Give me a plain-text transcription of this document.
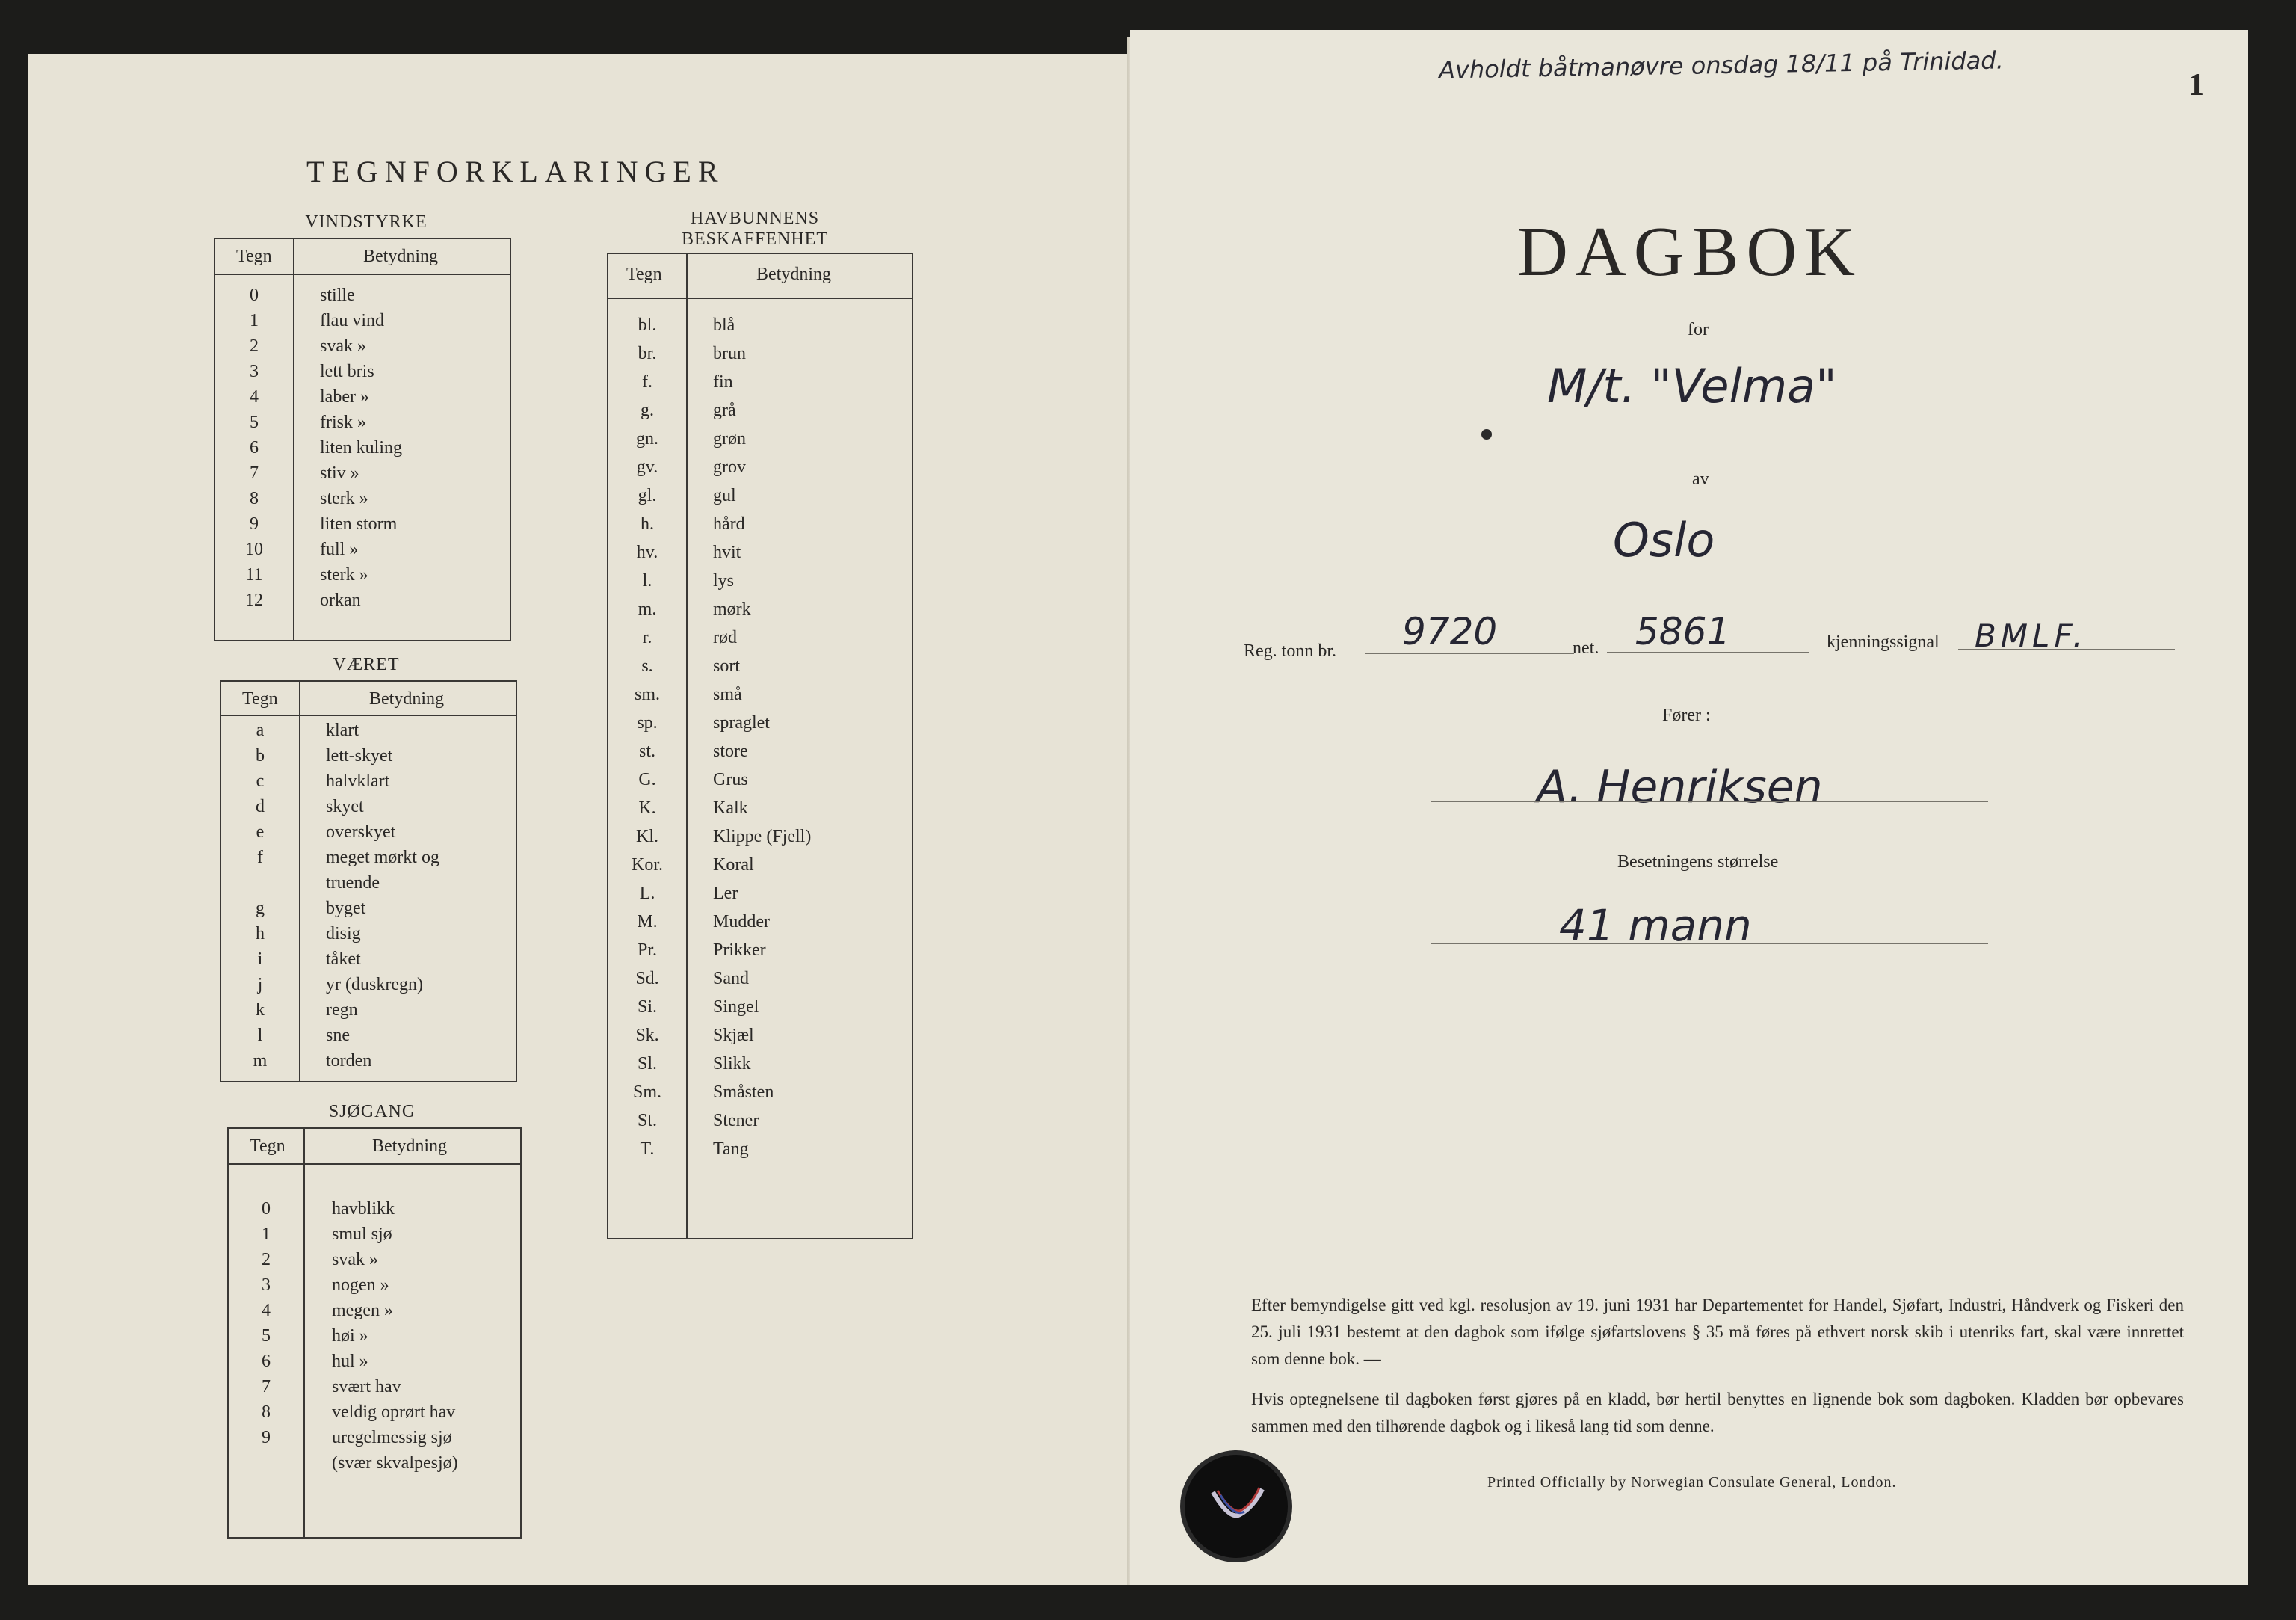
TEGNFORKLARINGER
VINDSTYRKE
Tegn	Betydning
0	stille
1	flau vind
2	svak »
3	lett bris
4	laber »
5	frisk »
6	liten kuling
7	stiv »
8	sterk »
9	liten storm
10	full »
11	sterk »
12	orkan
VÆRET
Tegn	Betydning
a	klart
b	lett-skyet
c	halvklart
d	skyet
e	overskyet
f	meget mørkt og
truende
g	byget
h	disig
i	tåket
j	yr (duskregn)
k	regn
l	sne
m	torden
SJØGANG
Tegn	Betydning
0	havblikk
1	smul sjø
2	svak »
3	nogen »
4	megen »
5	høi »
6	hul »
7	svært hav
8	veldig oprørt hav
9	uregelmessig sjø
(svær skvalpesjø)
HAVBUNNENS
BESKAFFENHET
Tegn	Betydning
bl.	blå
br.	brun
f.	fin
g.	grå
gn.	grøn
gv.	grov
gl.	gul
h.	hård
hv.	hvit
l.	lys
m.	mørk
r.	rød
s.	sort
sm.	små
sp.	spraglet
st.	store
G.	Grus
K.	Kalk
Kl.	Klippe (Fjell)
Kor.	Koral
L.	Ler
M.	Mudder
Pr.	Prikker
Sd.	Sand
Si.	Singel
Sk.	Skjæl
Sl.	Slikk
Sm.	Småsten
St.	Stener
T.	Tang
Avholdt båtmanøvre onsdag 18/11 på Trinidad.
1
DAGBOK
for
M/t. "Velma"
av
Oslo
Reg. tonn br. 9720	net. 5861	kjenningssignal BMLF.
Fører :
A. Henriksen
Besetningens størrelse
41 mann
Efter bemyndigelse gitt ved kgl. resolusjon av 19. juni 1931 har Departementet for Handel, Sjøfart, Industri, Håndverk og Fiskeri den 25. juli 1931 bestemt at den dagbok som ifølge sjøfartslovens § 35 må føres på ethvert norsk skib i utenriks fart, skal være innrettet som denne bok. —
Hvis optegnelsene til dagboken først gjøres på en kladd, bør hertil benyttes en lignende bok som dagboken. Kladden bør opbevares sammen med den tilhørende dagbok og i likeså lang tid som denne.
Printed Officially by Norwegian Consulate General, London.
